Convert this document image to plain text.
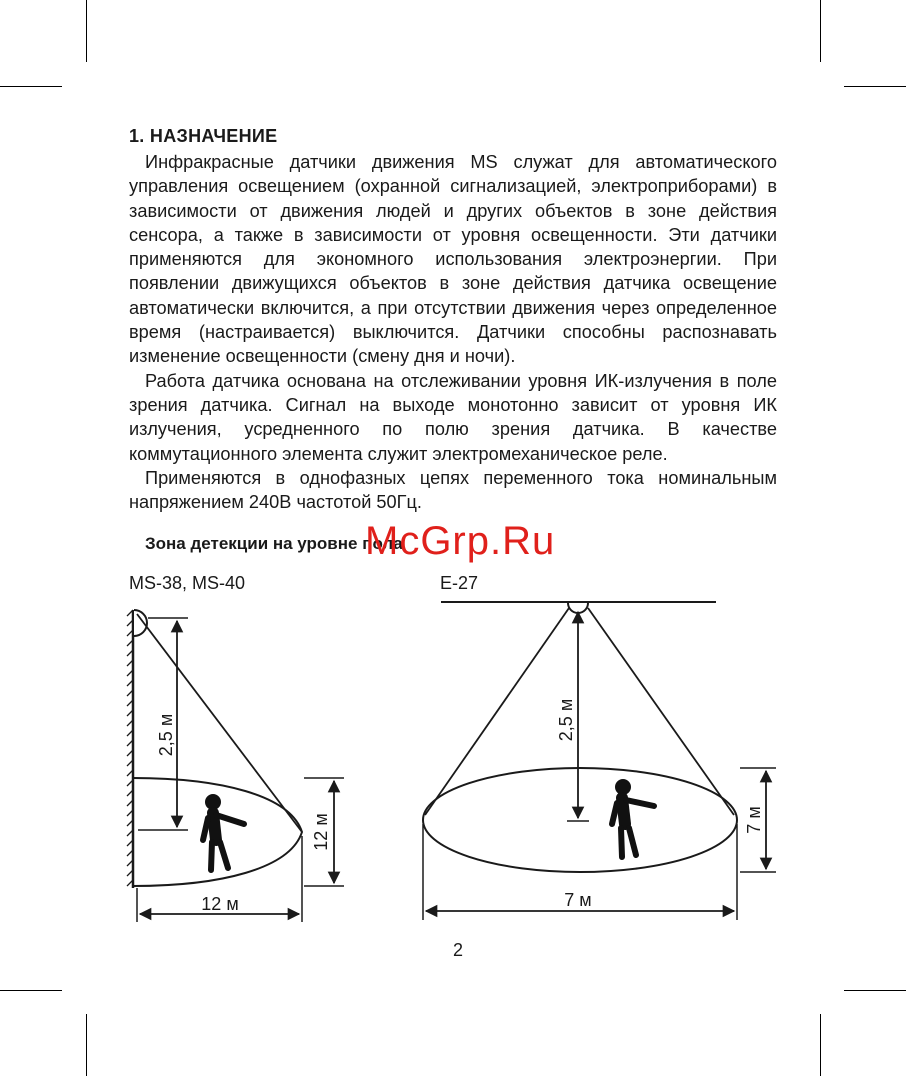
1. НАЗНАЧЕНИЕ

Инфракрасные датчики движения MS служат для автоматического управления освещением (охранной сигнализацией, электроприборами) в зависимости от движения людей и других объектов в зоне действия сенсора, а также в зависимости от уровня освещенности. Эти датчики применяются для экономного использования электроэнергии. При появлении движущихся объектов в зоне действия датчика освещение автоматически включится, а при отсутствии движения через определенное время (настраивается) выключится. Датчики способны распознавать изменение освещенности (смену дня и ночи).

Работа датчика основана на отслеживании уровня ИК-излучения в поле зрения датчика. Сигнал на выходе монотонно зависит от уровня ИК излучения, усредненного по полю зрения датчика. В качестве коммутационного элемента служит электромеханическое реле.

Применяются в однофазных цепях переменного тока номинальным напряжением 240В частотой 50Гц.

Зона детекции на уровне пола
McGrp.Ru
MS-38, MS-40	E-27
2,5 м
12 м
12 м
2,5 м
7 м
7 м
2
